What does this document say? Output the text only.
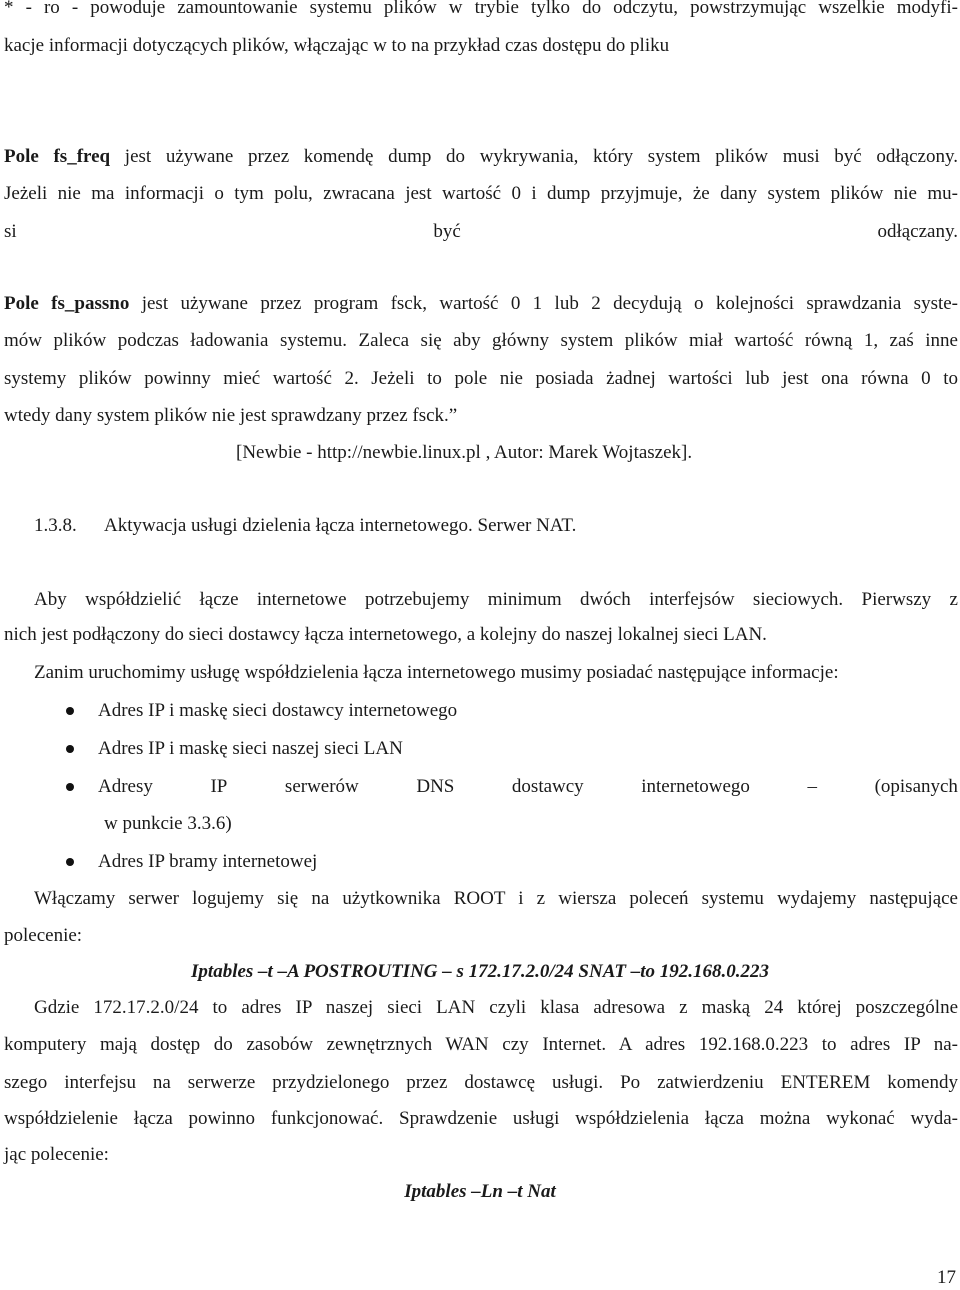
* - ro - powoduje zamountowanie systemu plików w trybie tylko do odczytu, powstrzymując wszelkie modyfi-
kacje informacji dotyczących plików, włączając w to na przykład czas dostępu do pliku
Pole fs_freq jest używane przez komendę dump do wykrywania, który system plików musi być odłączony.
Jeżeli nie ma informacji o tym polu, zwracana jest wartość 0 i dump przyjmuje, że dany system plików nie mu-
si	być	odłączany.
Pole fs_passno jest używane przez program fsck, wartość 0 1 lub 2 decydują o kolejności sprawdzania syste-
mów plików podczas ładowania systemu. Zaleca się aby główny system plików miał wartość równą 1, zaś inne
systemy plików powinny mieć wartość 2. Jeżeli to pole nie posiada żadnej wartości lub jest ona równa 0 to
wtedy dany system plików nie jest sprawdzany przez fsck.”
[Newbie - http://newbie.linux.pl , Autor: Marek Wojtaszek].
1.3.8. Aktywacja usługi dzielenia łącza internetowego. Serwer NAT.
Aby współdzielić łącze internetowe potrzebujemy minimum dwóch interfejsów sieciowych. Pierwszy z
nich jest podłączony do sieci dostawcy łącza internetowego, a kolejny do naszej lokalnej sieci LAN.
Zanim uruchomimy usługę współdzielenia łącza internetowego musimy posiadać następujące informacje:
Adres IP i maskę sieci dostawcy internetowego
Adres IP i maskę sieci naszej sieci LAN
Adresy	IP	serwerów	DNS	dostawcy	internetowego	–	(opisanych
w punkcie 3.3.6)
Adres IP bramy internetowej
Włączamy serwer logujemy się na użytkownika ROOT i z wiersza poleceń systemu wydajemy następujące
polecenie:
Iptables –t –A POSTROUTING – s 172.17.2.0/24 SNAT –to 192.168.0.223
Gdzie 172.17.2.0/24 to adres IP naszej sieci LAN czyli klasa adresowa z maską 24 której poszczególne
komputery mają dostęp do zasobów zewnętrznych WAN czy Internet. A adres 192.168.0.223 to adres IP na-
szego interfejsu na serwerze przydzielonego przez dostawcę usługi. Po zatwierdzeniu ENTEREM komendy
współdzielenie łącza powinno funkcjonować. Sprawdzenie usługi współdzielenia łącza można wykonać wyda-
jąc polecenie:
Iptables –Ln –t Nat
17
